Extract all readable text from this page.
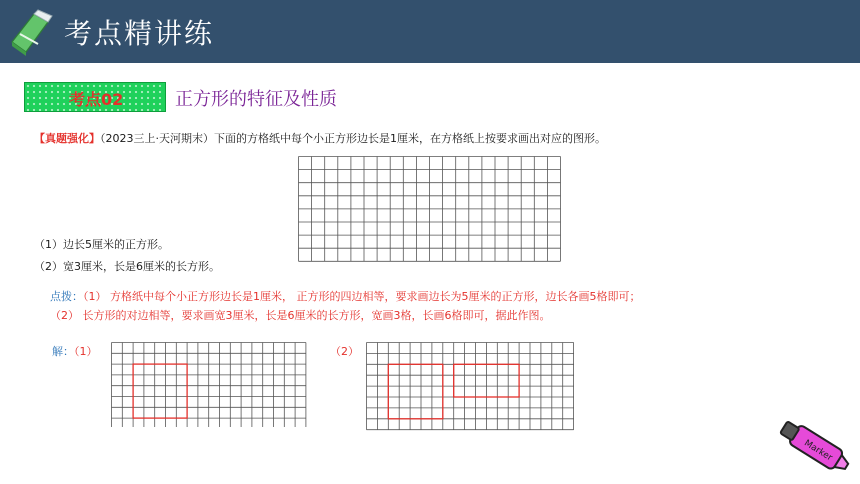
考点精讲练
考点02	正方形的特征及性质
【真题强化】（2023三上·天河期末）下面的方格纸中每个小正方形边长是1厘米，在方格纸上按要求画出对应的图形。
（1）边长5厘米的正方形。
（2）宽3厘米，长是6厘米的长方形。
点拨：（1） 方格纸中每个小正方形边长是1厘米， 正方形的四边相等，要求画边长为5厘米的正方形，边长各画5格即可；
（2） 长方形的对边相等，要求画宽3厘米，长是6厘米的长方形，宽画3格，长画6格即可，据此作图。
解：（1）	（2）
Marker
